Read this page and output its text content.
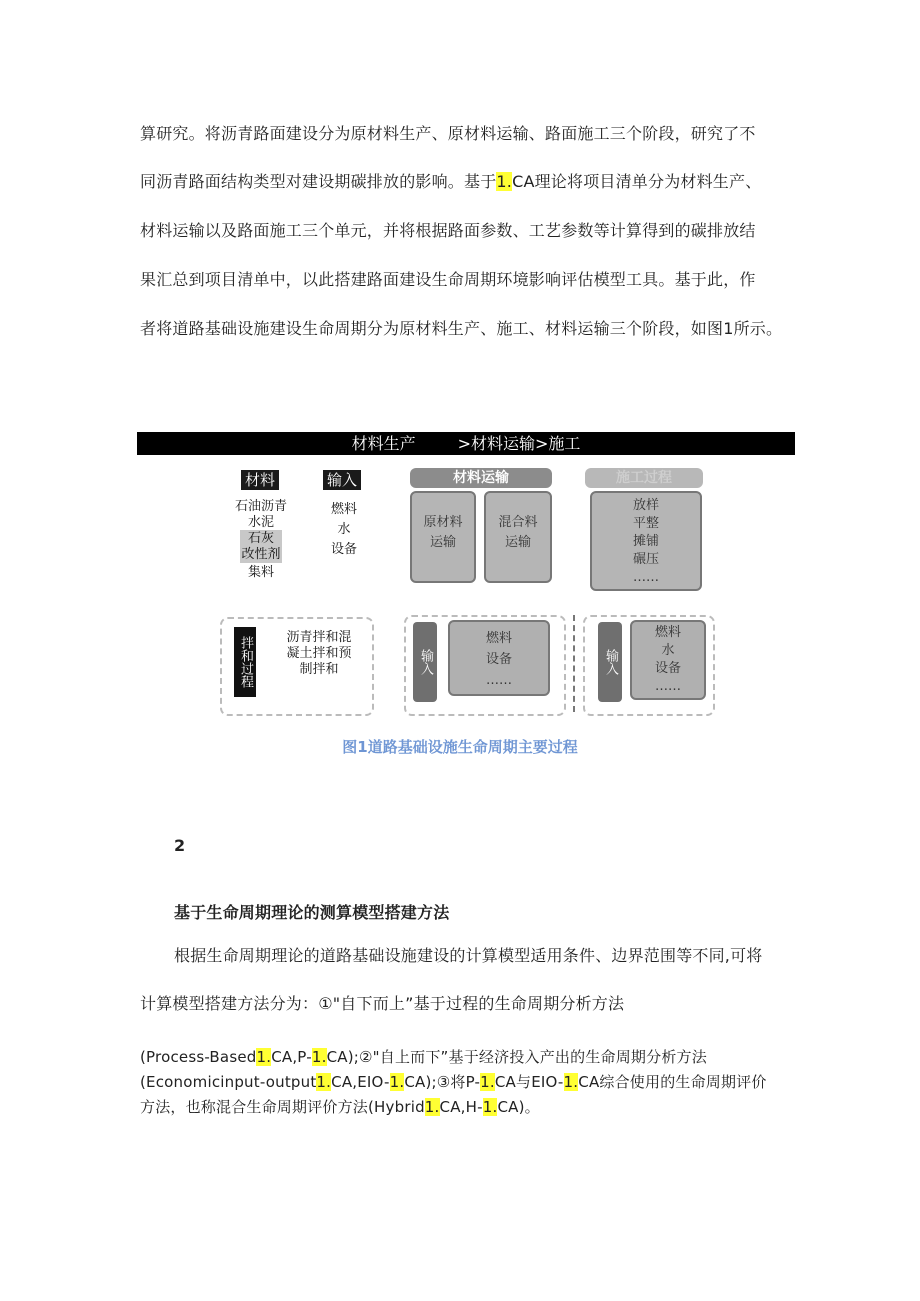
算研究。将沥青路面建设分为原材料生产、原材料运输、路面施工三个阶段，研究了不
同沥青路面结构类型对建设期碳排放的影响。基于1.CA理论将项目清单分为材料生产、
材料运输以及路面施工三个单元，并将根据路面参数、工艺参数等计算得到的碳排放结
果汇总到项目清单中，以此搭建路面建设生命周期环境影响评估模型工具。基于此，作
者将道路基础设施建设生命周期分为原材料生产、施工、材料运输三个阶段，如图1所示。
材料生产	>材料运输>施工
材料
石油沥青
水泥
石灰
改性剂
集料
输入
燃料
水
设备
材料运输
原材料
运输
混合料
运输
施工过程
放样
平整
摊铺
碾压
……
拌和过程	沥青拌和混
凝土拌和预
制拌和	输入
燃料
设备
……
输入
燃料
水
设备
……
图1道路基础设施生命周期主要过程
2
基于生命周期理论的测算模型搭建方法
根据生命周期理论的道路基础设施建设的计算模型适用条件、边界范围等不同,可将
计算模型搭建方法分为：①"自下而上”基于过程的生命周期分析方法
(Process-Based1.CA,P-1.CA);②"自上而下”基于经济投入产出的生命周期分析方法
(Economicinput-output1.CA,EIO-1.CA);③将P-1.CA与EIO-1.CA综合使用的生命周期评价
方法，也称混合生命周期评价方法(Hybrid1.CA,H-1.CA)。
